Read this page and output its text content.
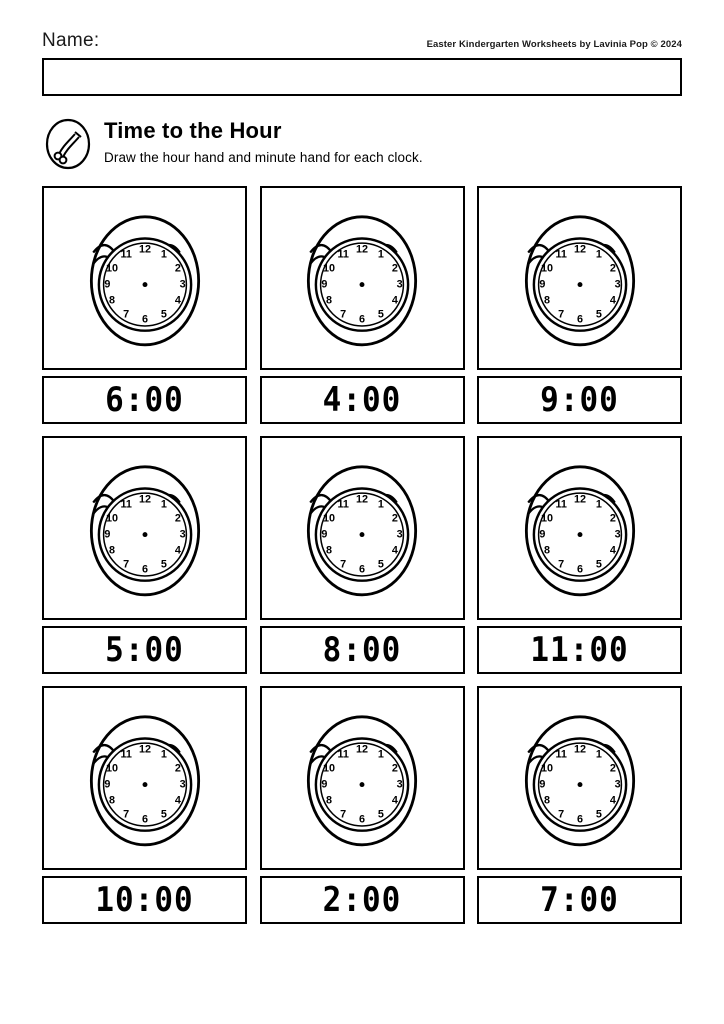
Name:	Easter Kindergarten Worksheets by Lavinia Pop © 2024
Time to the Hour
Draw the hour hand and minute hand for each clock.
12 1
2
3
4
5
6
7
8
9
10
11
6:00
12 1
2
3
4
5
6
7
8
9
10
11
4:00
12 1
2
3
4
5
6
7
8
9
10
11
9:00
12 1
2
3
4
5
6
7
8
9
10
11
5:00
12 1
2
3
4
5
6
7
8
9
10
11
8:00
12 1
2
3
4
5
6
7
8
9
10
11
11:00
12 1
2
3
4
5
6
7
8
9
10
11
10:00
12 1
2
3
4
5
6
7
8
9
10
11
2:00
12 1
2
3
4
5
6
7
8
9
10
11
7:00
